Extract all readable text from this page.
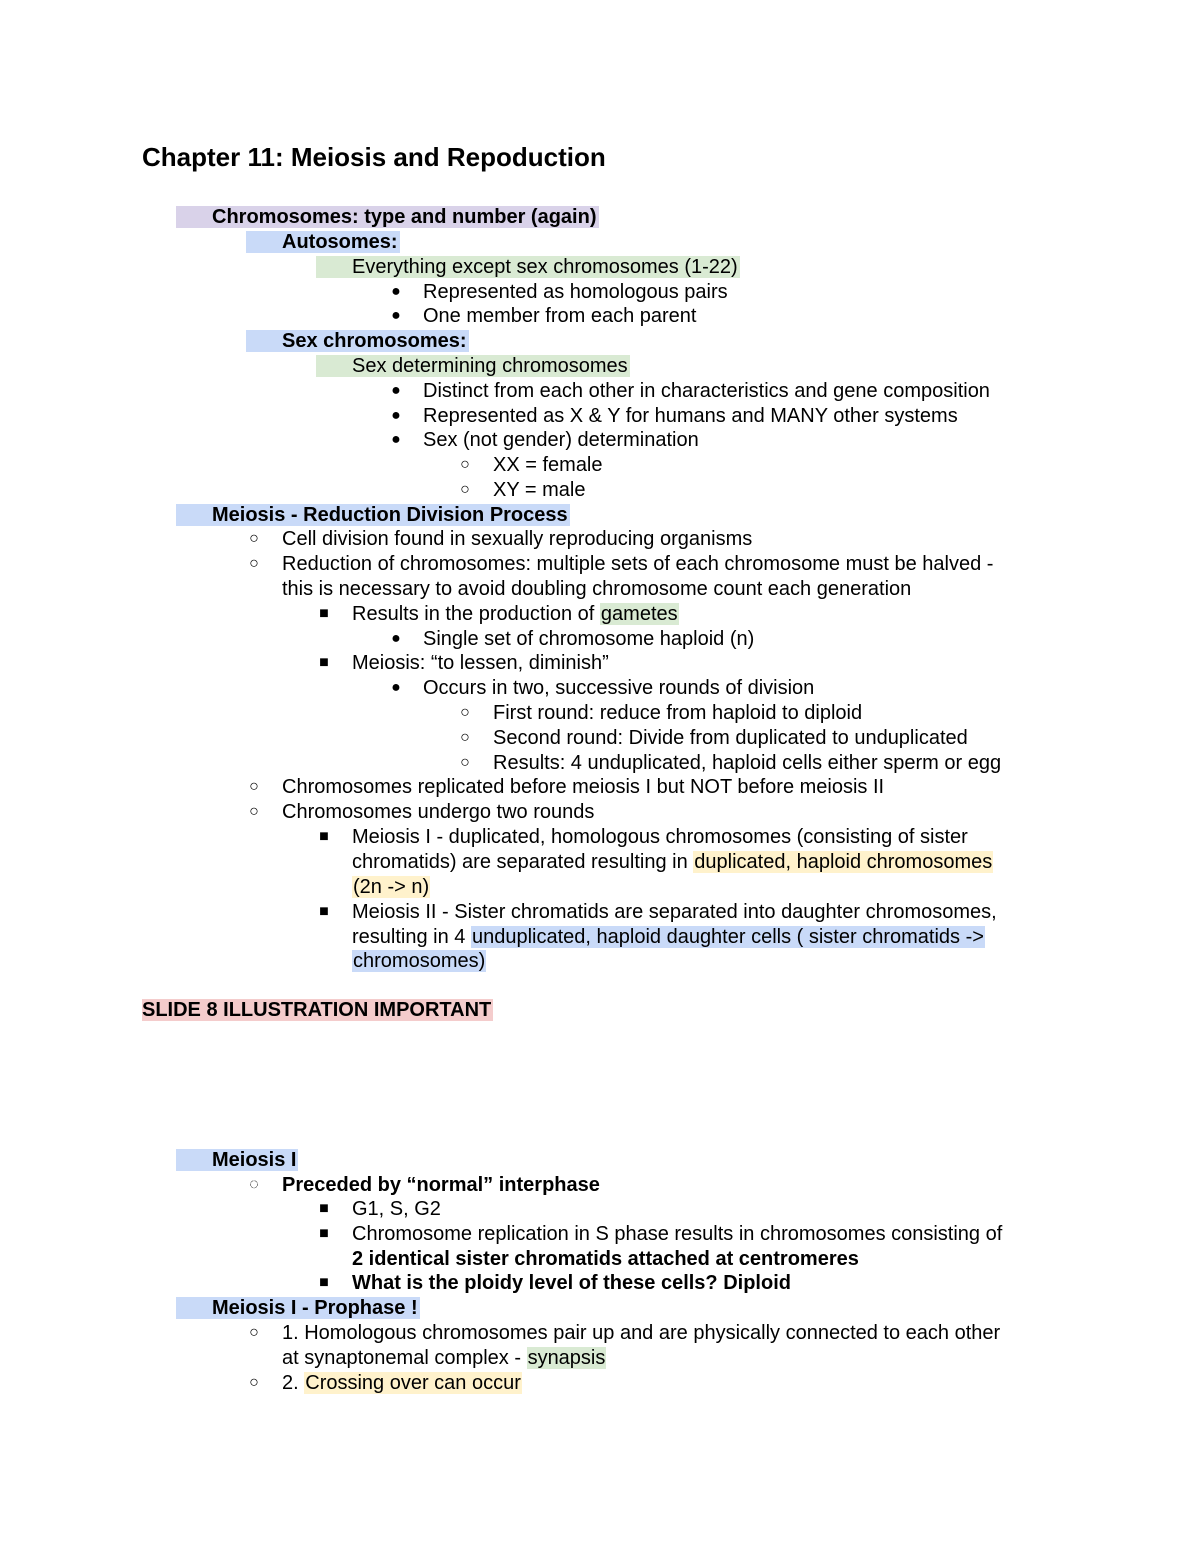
Chapter 11: Meiosis and Repoduction
Chromosomes: type and number (again)
Autosomes:
Everything except sex chromosomes (1-22)
● Represented as homologous pairs
● One member from each parent
Sex chromosomes:
Sex determining chromosomes
● Distinct from each other in characteristics and gene composition
● Represented as X & Y for humans and MANY other systems
● Sex (not gender) determination
○ XX = female
○ XY = male
Meiosis - Reduction Division Process
○ Cell division found in sexually reproducing organisms
○ Reduction of chromosomes: multiple sets of each chromosome must be halved -
this is necessary to avoid doubling chromosome count each generation
■ Results in the production of gametes
● Single set of chromosome haploid (n)
■ Meiosis: “to lessen, diminish”
● Occurs in two, successive rounds of division
○ First round: reduce from haploid to diploid
○ Second round: Divide from duplicated to unduplicated
○ Results: 4 unduplicated, haploid cells either sperm or egg
○ Chromosomes replicated before meiosis I but NOT before meiosis II
○ Chromosomes undergo two rounds
■ Meiosis I - duplicated, homologous chromosomes (consisting of sister
chromatids) are separated resulting in duplicated, haploid chromosomes
(2n -> n)
■ Meiosis II - Sister chromatids are separated into daughter chromosomes,
resulting in 4 unduplicated, haploid daughter cells ( sister chromatids ->
chromosomes)
SLIDE 8 ILLUSTRATION IMPORTANT
Meiosis I
◌ Preceded by “normal” interphase
■ G1, S, G2
■ Chromosome replication in S phase results in chromosomes consisting of
2 identical sister chromatids attached at centromeres
■ What is the ploidy level of these cells? Diploid
Meiosis I - Prophase !
○ 1. Homologous chromosomes pair up and are physically connected to each other
at synaptonemal complex - synapsis
○ 2. Crossing over can occur
